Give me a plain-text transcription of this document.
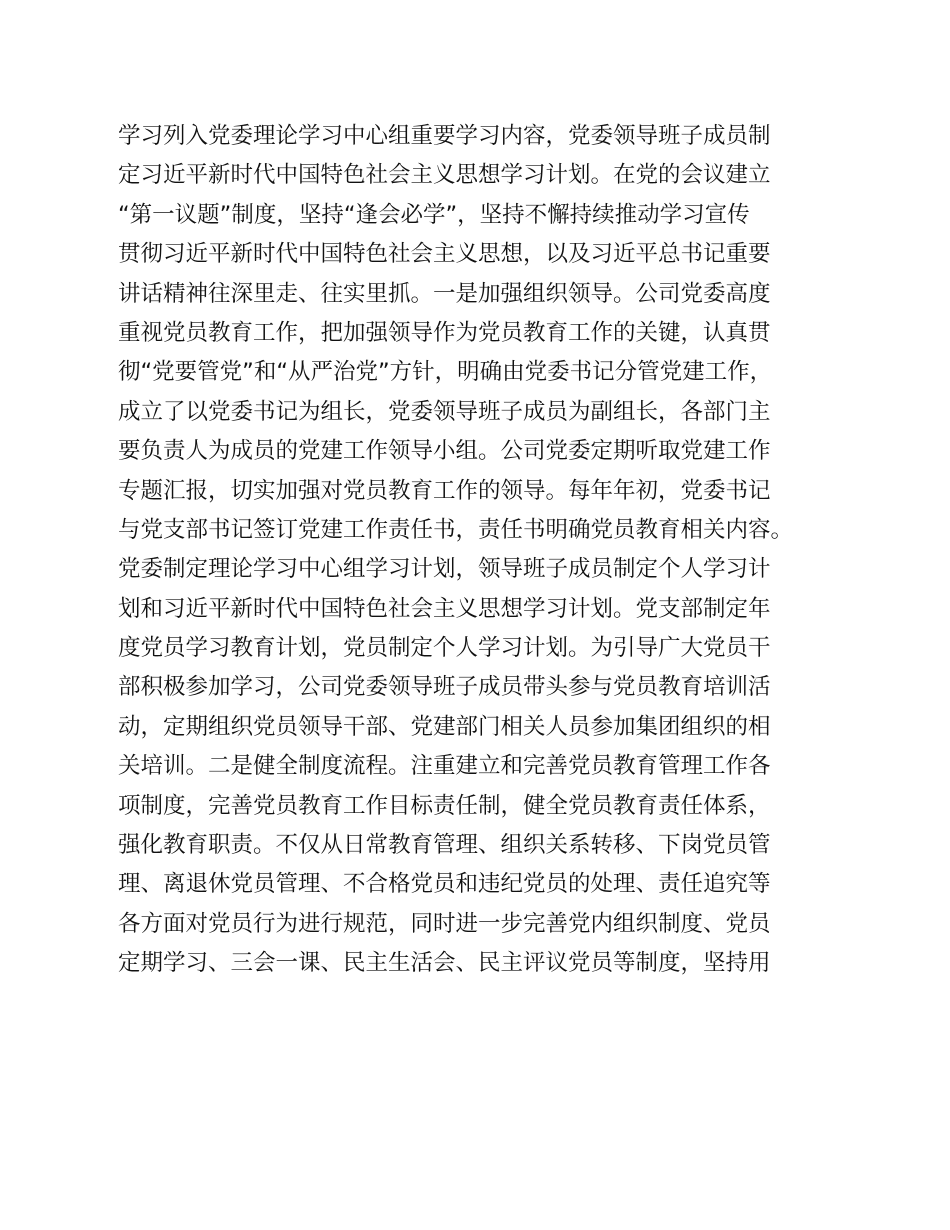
学习列入党委理论学习中心组重要学习内容，党委领导班子成员制
定习近平新时代中国特色社会主义思想学习计划。在党的会议建立
“第一议题”制度，坚持“逢会必学”，坚持不懈持续推动学习宣传
贯彻习近平新时代中国特色社会主义思想，以及习近平总书记重要
讲话精神往深里走、往实里抓。一是加强组织领导。公司党委高度
重视党员教育工作，把加强领导作为党员教育工作的关键，认真贯
彻“党要管党”和“从严治党”方针，明确由党委书记分管党建工作，
成立了以党委书记为组长，党委领导班子成员为副组长，各部门主
要负责人为成员的党建工作领导小组。公司党委定期听取党建工作
专题汇报，切实加强对党员教育工作的领导。每年年初，党委书记
与党支部书记签订党建工作责任书，责任书明确党员教育相关内容。
党委制定理论学习中心组学习计划，领导班子成员制定个人学习计
划和习近平新时代中国特色社会主义思想学习计划。党支部制定年
度党员学习教育计划，党员制定个人学习计划。为引导广大党员干
部积极参加学习，公司党委领导班子成员带头参与党员教育培训活
动，定期组织党员领导干部、党建部门相关人员参加集团组织的相
关培训。二是健全制度流程。注重建立和完善党员教育管理工作各
项制度，完善党员教育工作目标责任制，健全党员教育责任体系，
强化教育职责。不仅从日常教育管理、组织关系转移、下岗党员管
理、离退休党员管理、不合格党员和违纪党员的处理、责任追究等
各方面对党员行为进行规范，同时进一步完善党内组织制度、党员
定期学习、三会一课、民主生活会、民主评议党员等制度，坚持用
